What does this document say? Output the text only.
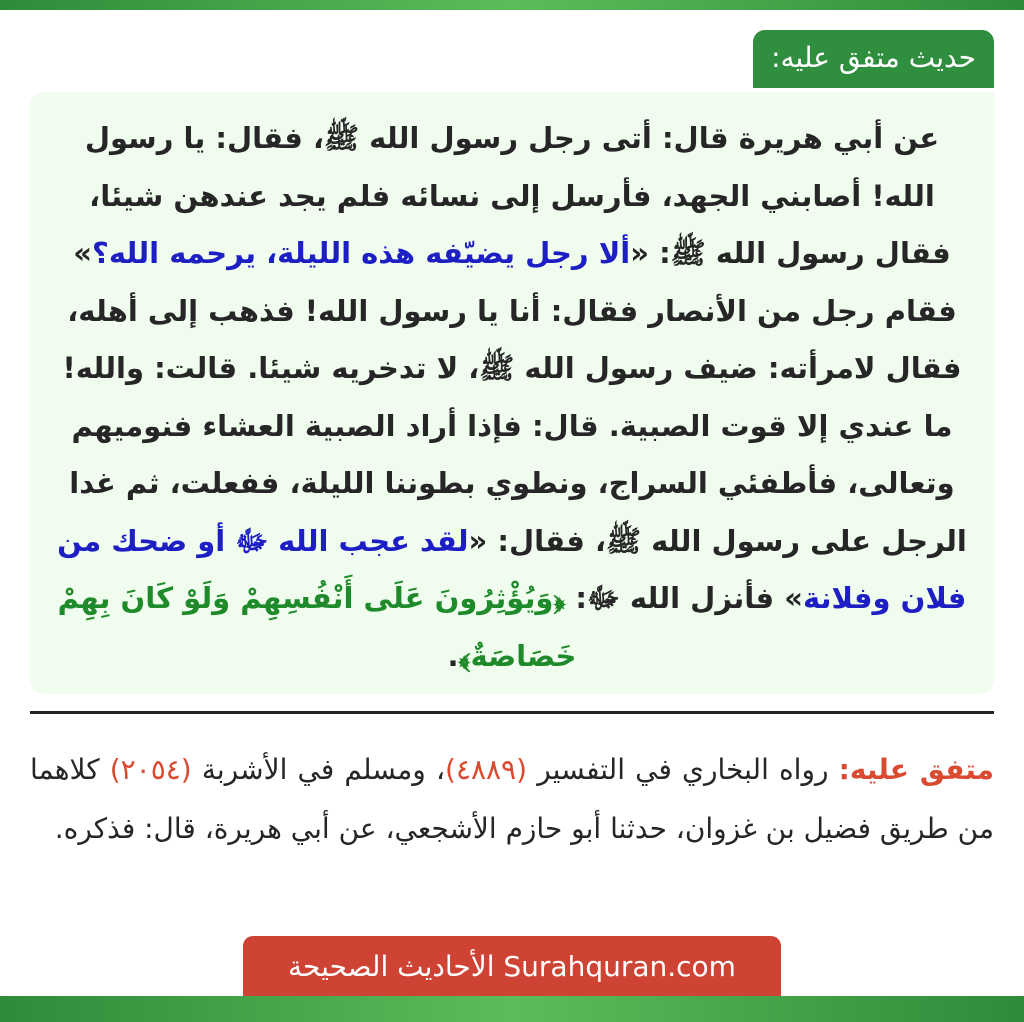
حديث متفق عليه:
عن أبي هريرة قال: أتى رجل رسول الله ﷺ، فقال: يا رسول الله! أصابني الجهد، فأرسل إلى نسائه فلم يجد عندهن شيئا، فقال رسول الله ﷺ: «ألا رجل يضيّفه هذه الليلة، يرحمه الله؟» فقام رجل من الأنصار فقال: أنا يا رسول الله! فذهب إلى أهله، فقال لامرأته: ضيف رسول الله ﷺ، لا تدخريه شيئا. قالت: والله! ما عندي إلا قوت الصبية. قال: فإذا أراد الصبية العشاء فنوميهم وتعالى، فأطفئي السراج، ونطوي بطوننا الليلة، ففعلت، ثم غدا الرجل على رسول الله ﷺ، فقال: «لقد عجب الله ﷻ أو ضحك من فلان وفلانة» فأنزل الله ﷻ: ﴿وَيُؤْثِرُونَ عَلَى أَنْفُسِهِمْ وَلَوْ كَانَ بِهِمْ خَصَاصَةٌ﴾.
متفق عليه: رواه البخاري في التفسير (٤٨٨٩)، ومسلم في الأشربة (٢٠٥٤) كلاهما من طريق فضيل بن غزوان، حدثنا أبو حازم الأشجعي، عن أبي هريرة، قال: فذكره.
الأحاديث الصحيحة Surahquran.com
